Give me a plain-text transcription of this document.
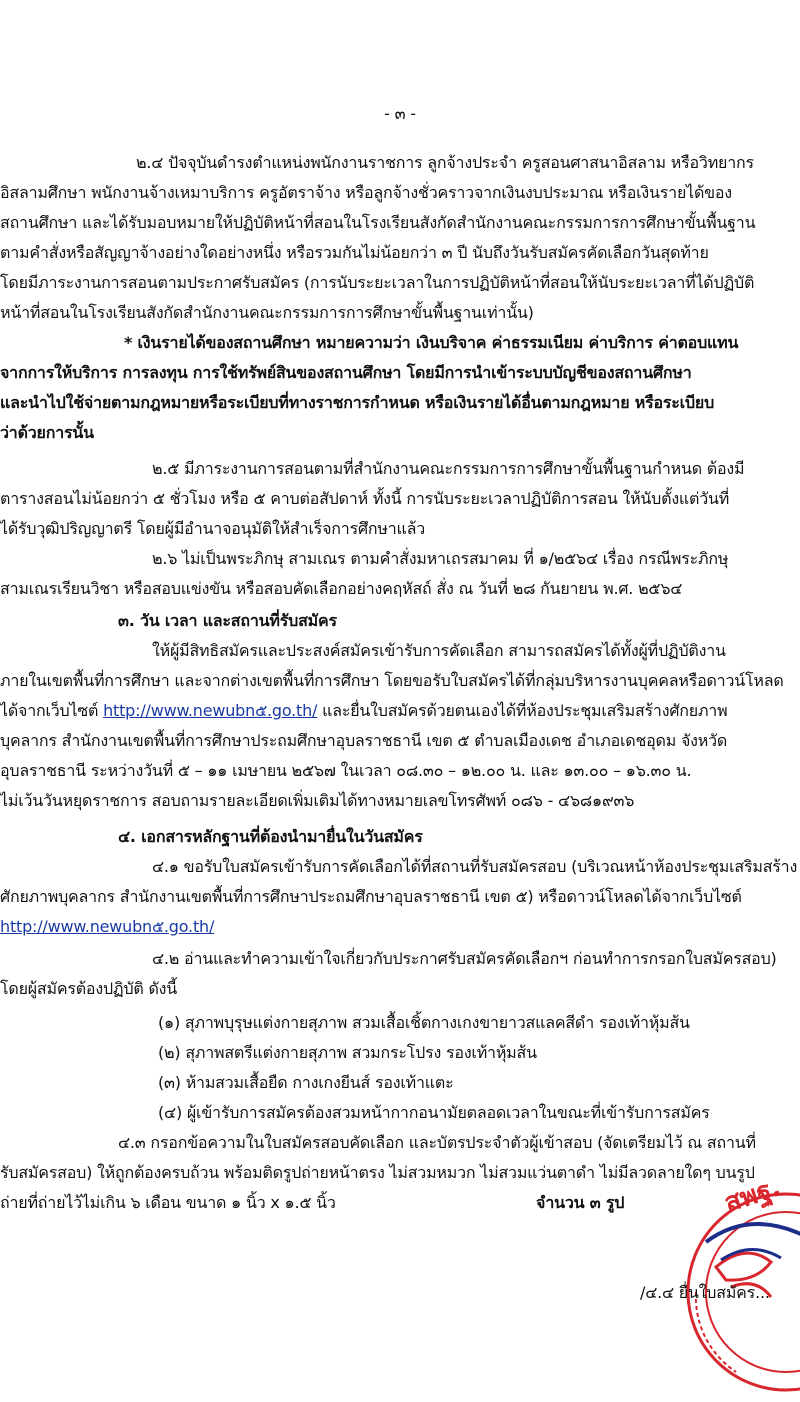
- ๓ -
๒.๔ ปัจจุบันดำรงตำแหน่งพนักงานราชการ ลูกจ้างประจำ ครูสอนศาสนาอิสลาม หรือวิทยากร
อิสลามศึกษา พนักงานจ้างเหมาบริการ ครูอัตราจ้าง หรือลูกจ้างชั่วคราวจากเงินงบประมาณ หรือเงินรายได้ของ
สถานศึกษา และได้รับมอบหมายให้ปฏิบัติหน้าที่สอนในโรงเรียนสังกัดสำนักงานคณะกรรมการการศึกษาขั้นพื้นฐาน
ตามคำสั่งหรือสัญญาจ้างอย่างใดอย่างหนึ่ง หรือรวมกันไม่น้อยกว่า ๓ ปี นับถึงวันรับสมัครคัดเลือกวันสุดท้าย
โดยมีภาระงานการสอนตามประกาศรับสมัคร (การนับระยะเวลาในการปฏิบัติหน้าที่สอนให้นับระยะเวลาที่ได้ปฏิบัติ
หน้าที่สอนในโรงเรียนสังกัดสำนักงานคณะกรรมการการศึกษาขั้นพื้นฐานเท่านั้น)
* เงินรายได้ของสถานศึกษา หมายความว่า เงินบริจาค ค่าธรรมเนียม ค่าบริการ ค่าตอบแทน
จากการให้บริการ การลงทุน การใช้ทรัพย์สินของสถานศึกษา โดยมีการนำเข้าระบบบัญชีของสถานศึกษา
และนำไปใช้จ่ายตามกฎหมายหรือระเบียบที่ทางราชการกำหนด หรือเงินรายได้อื่นตามกฎหมาย หรือระเบียบ
ว่าด้วยการนั้น
๒.๕ มีภาระงานการสอนตามที่สำนักงานคณะกรรมการการศึกษาขั้นพื้นฐานกำหนด ต้องมี
ตารางสอนไม่น้อยกว่า ๕ ชั่วโมง หรือ ๕ คาบต่อสัปดาห์ ทั้งนี้ การนับระยะเวลาปฏิบัติการสอน ให้นับตั้งแต่วันที่
ได้รับวุฒิปริญญาตรี โดยผู้มีอำนาจอนุมัติให้สำเร็จการศึกษาแล้ว
๒.๖ ไม่เป็นพระภิกษุ สามเณร ตามคำสั่งมหาเถรสมาคม ที่ ๑/๒๕๖๔ เรื่อง กรณีพระภิกษุ
สามเณรเรียนวิชา หรือสอบแข่งขัน หรือสอบคัดเลือกอย่างคฤหัสถ์ สั่ง ณ วันที่ ๒๘ กันยายน พ.ศ. ๒๕๖๔
๓. วัน เวลา และสถานที่รับสมัคร
ให้ผู้มีสิทธิสมัครและประสงค์สมัครเข้ารับการคัดเลือก สามารถสมัครได้ทั้งผู้ที่ปฏิบัติงาน
ภายในเขตพื้นที่การศึกษา และจากต่างเขตพื้นที่การศึกษา โดยขอรับใบสมัครได้ที่กลุ่มบริหารงานบุคคลหรือดาวน์โหลด
ได้จากเว็บไซต์ http://www.newubn๕.go.th/ และยื่นใบสมัครด้วยตนเองได้ที่ห้องประชุมเสริมสร้างศักยภาพ
บุคลากร สำนักงานเขตพื้นที่การศึกษาประถมศึกษาอุบลราชธานี เขต ๕ ตำบลเมืองเดช อำเภอเดชอุดม จังหวัด
อุบลราชธานี ระหว่างวันที่ ๕ – ๑๑ เมษายน ๒๕๖๗ ในเวลา ๐๘.๓๐ – ๑๒.๐๐ น. และ ๑๓.๐๐ – ๑๖.๓๐ น.
ไม่เว้นวันหยุดราชการ สอบถามรายละเอียดเพิ่มเติมได้ทางหมายเลขโทรศัพท์ ๐๘๖ - ๔๖๘๑๙๓๖
๔. เอกสารหลักฐานที่ต้องนำมายื่นในวันสมัคร
๔.๑ ขอรับใบสมัครเข้ารับการคัดเลือกได้ที่สถานที่รับสมัครสอบ (บริเวณหน้าห้องประชุมเสริมสร้าง
ศักยภาพบุคลากร สำนักงานเขตพื้นที่การศึกษาประถมศึกษาอุบลราชธานี เขต ๕) หรือดาวน์โหลดได้จากเว็บไซต์
http://www.newubn๕.go.th/
๔.๒ อ่านและทำความเข้าใจเกี่ยวกับประกาศรับสมัครคัดเลือกฯ ก่อนทำการกรอกใบสมัครสอบ)
โดยผู้สมัครต้องปฏิบัติ ดังนี้
(๑) สุภาพบุรุษแต่งกายสุภาพ สวมเสื้อเชิ้ตกางเกงขายาวสแลคสีดำ รองเท้าหุ้มส้น
(๒) สุภาพสตรีแต่งกายสุภาพ สวมกระโปรง รองเท้าหุ้มส้น
(๓) ห้ามสวมเสื้อยืด กางเกงยีนส์ รองเท้าแตะ
(๔) ผู้เข้ารับการสมัครต้องสวมหน้ากากอนามัยตลอดเวลาในขณะที่เข้ารับการสมัคร
๔.๓ กรอกข้อความในใบสมัครสอบคัดเลือก และบัตรประจำตัวผู้เข้าสอบ (จัดเตรียมไว้ ณ สถานที่
รับสมัครสอบ) ให้ถูกต้องครบถ้วน พร้อมติดรูปถ่ายหน้าตรง ไม่สวมหมวก ไม่สวมแว่นตาดำ ไม่มีลวดลายใดๆ บนรูป
ถ่ายที่ถ่ายไว้ไม่เกิน ๖ เดือน ขนาด ๑ นิ้ว x ๑.๕ นิ้ว	จำนวน ๓ รูป	สพฐ.
/๔.๔ ยื่นใบสมัคร...
